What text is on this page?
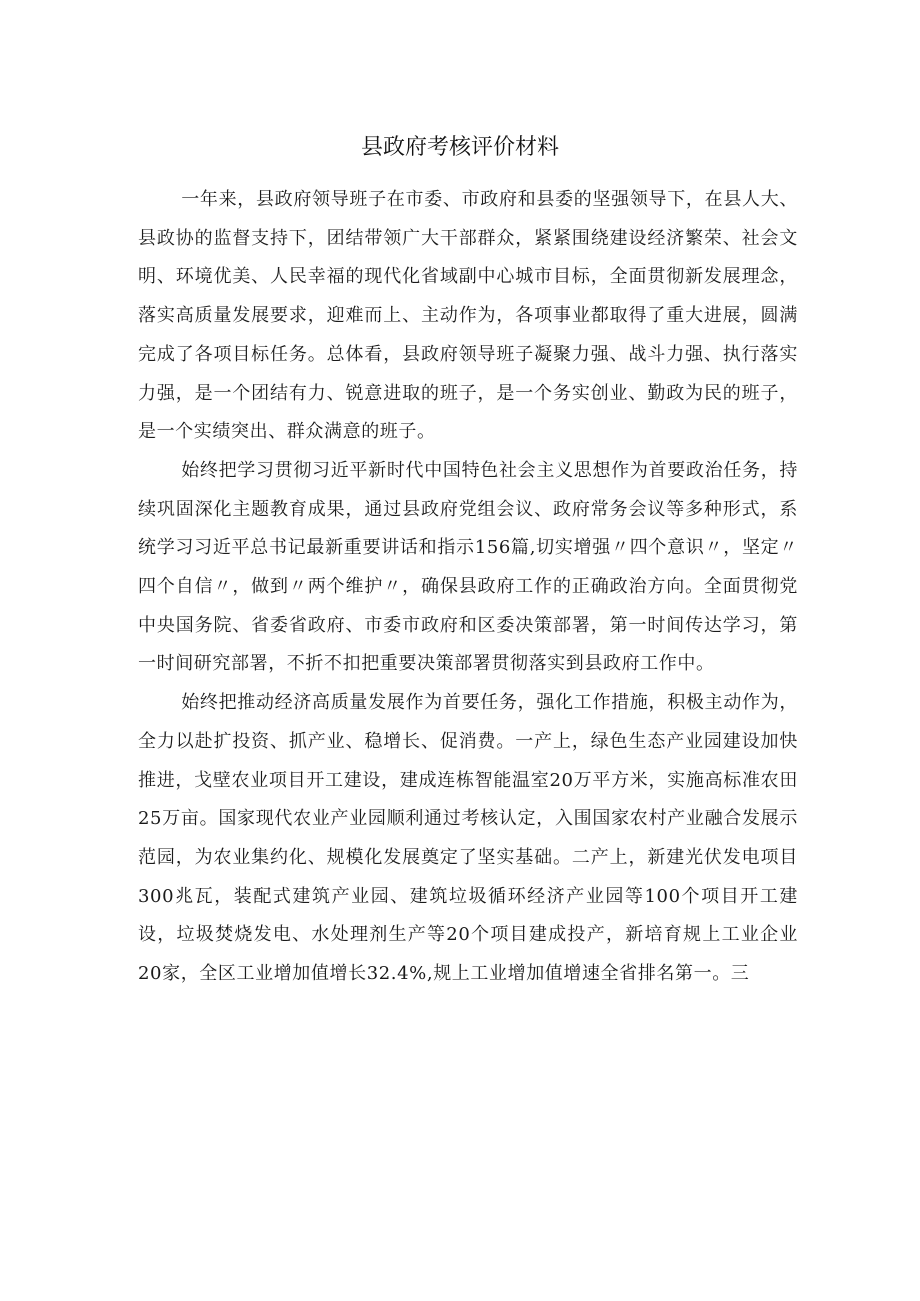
县政府考核评价材料

一年来，县政府领导班子在市委、市政府和县委的坚强领导下，在县人大、县政协的监督支持下，团结带领广大干部群众，紧紧围绕建设经济繁荣、社会文明、环境优美、人民幸福的现代化省域副中心城市目标，全面贯彻新发展理念，落实高质量发展要求，迎难而上、主动作为，各项事业都取得了重大进展，圆满完成了各项目标任务。总体看，县政府领导班子凝聚力强、战斗力强、执行落实力强，是一个团结有力、锐意进取的班子，是一个务实创业、勤政为民的班子，是一个实绩突出、群众满意的班子。

始终把学习贯彻习近平新时代中国特色社会主义思想作为首要政治任务，持续巩固深化主题教育成果，通过县政府党组会议、政府常务会议等多种形式，系统学习习近平总书记最新重要讲话和指示156篇,切实增强〃四个意识〃，坚定〃四个自信〃，做到〃两个维护〃，确保县政府工作的正确政治方向。全面贯彻党中央国务院、省委省政府、市委市政府和区委决策部署，第一时间传达学习，第一时间研究部署，不折不扣把重要决策部署贯彻落实到县政府工作中。

始终把推动经济高质量发展作为首要任务，强化工作措施，积极主动作为，全力以赴扩投资、抓产业、稳增长、促消费。一产上，绿色生态产业园建设加快推进，戈壁农业项目开工建设，建成连栋智能温室20万平方米，实施高标准农田25万亩。国家现代农业产业园顺利通过考核认定，入围国家农村产业融合发展示范园，为农业集约化、规模化发展奠定了坚实基础。二产上，新建光伏发电项目300兆瓦，装配式建筑产业园、建筑垃圾循环经济产业园等100个项目开工建设，垃圾焚烧发电、水处理剂生产等20个项目建成投产，新培育规上工业企业20家，全区工业增加值增长32.4%,规上工业增加值增速全省排名第一。三
